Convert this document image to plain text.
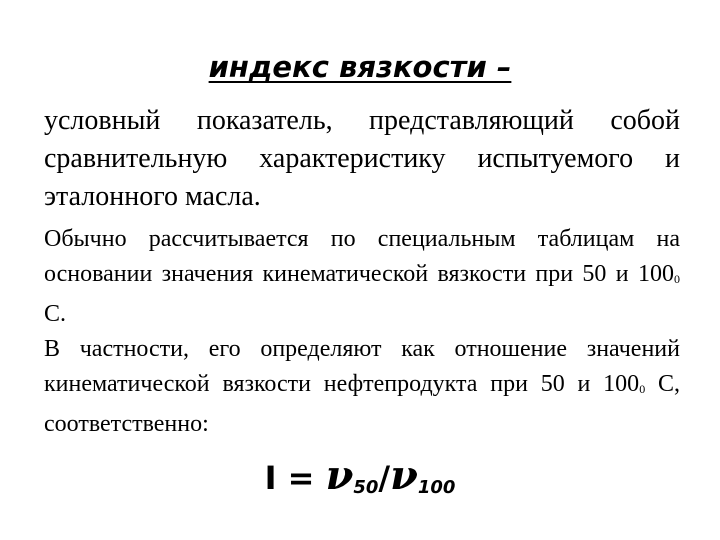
индекс вязкости –
условный показатель, представляющий собой сравнительную характеристику испытуемого и эталонного масла.
Обычно рассчитывается по специальным таблицам на основании значения кинематической вязкости при 50 и $100_0$ С.
В частности, его определяют как отношение значений кинематической вязкости нефтепродукта при 50 и $100_0$ С, соответственно:
I = ν50/ν100
